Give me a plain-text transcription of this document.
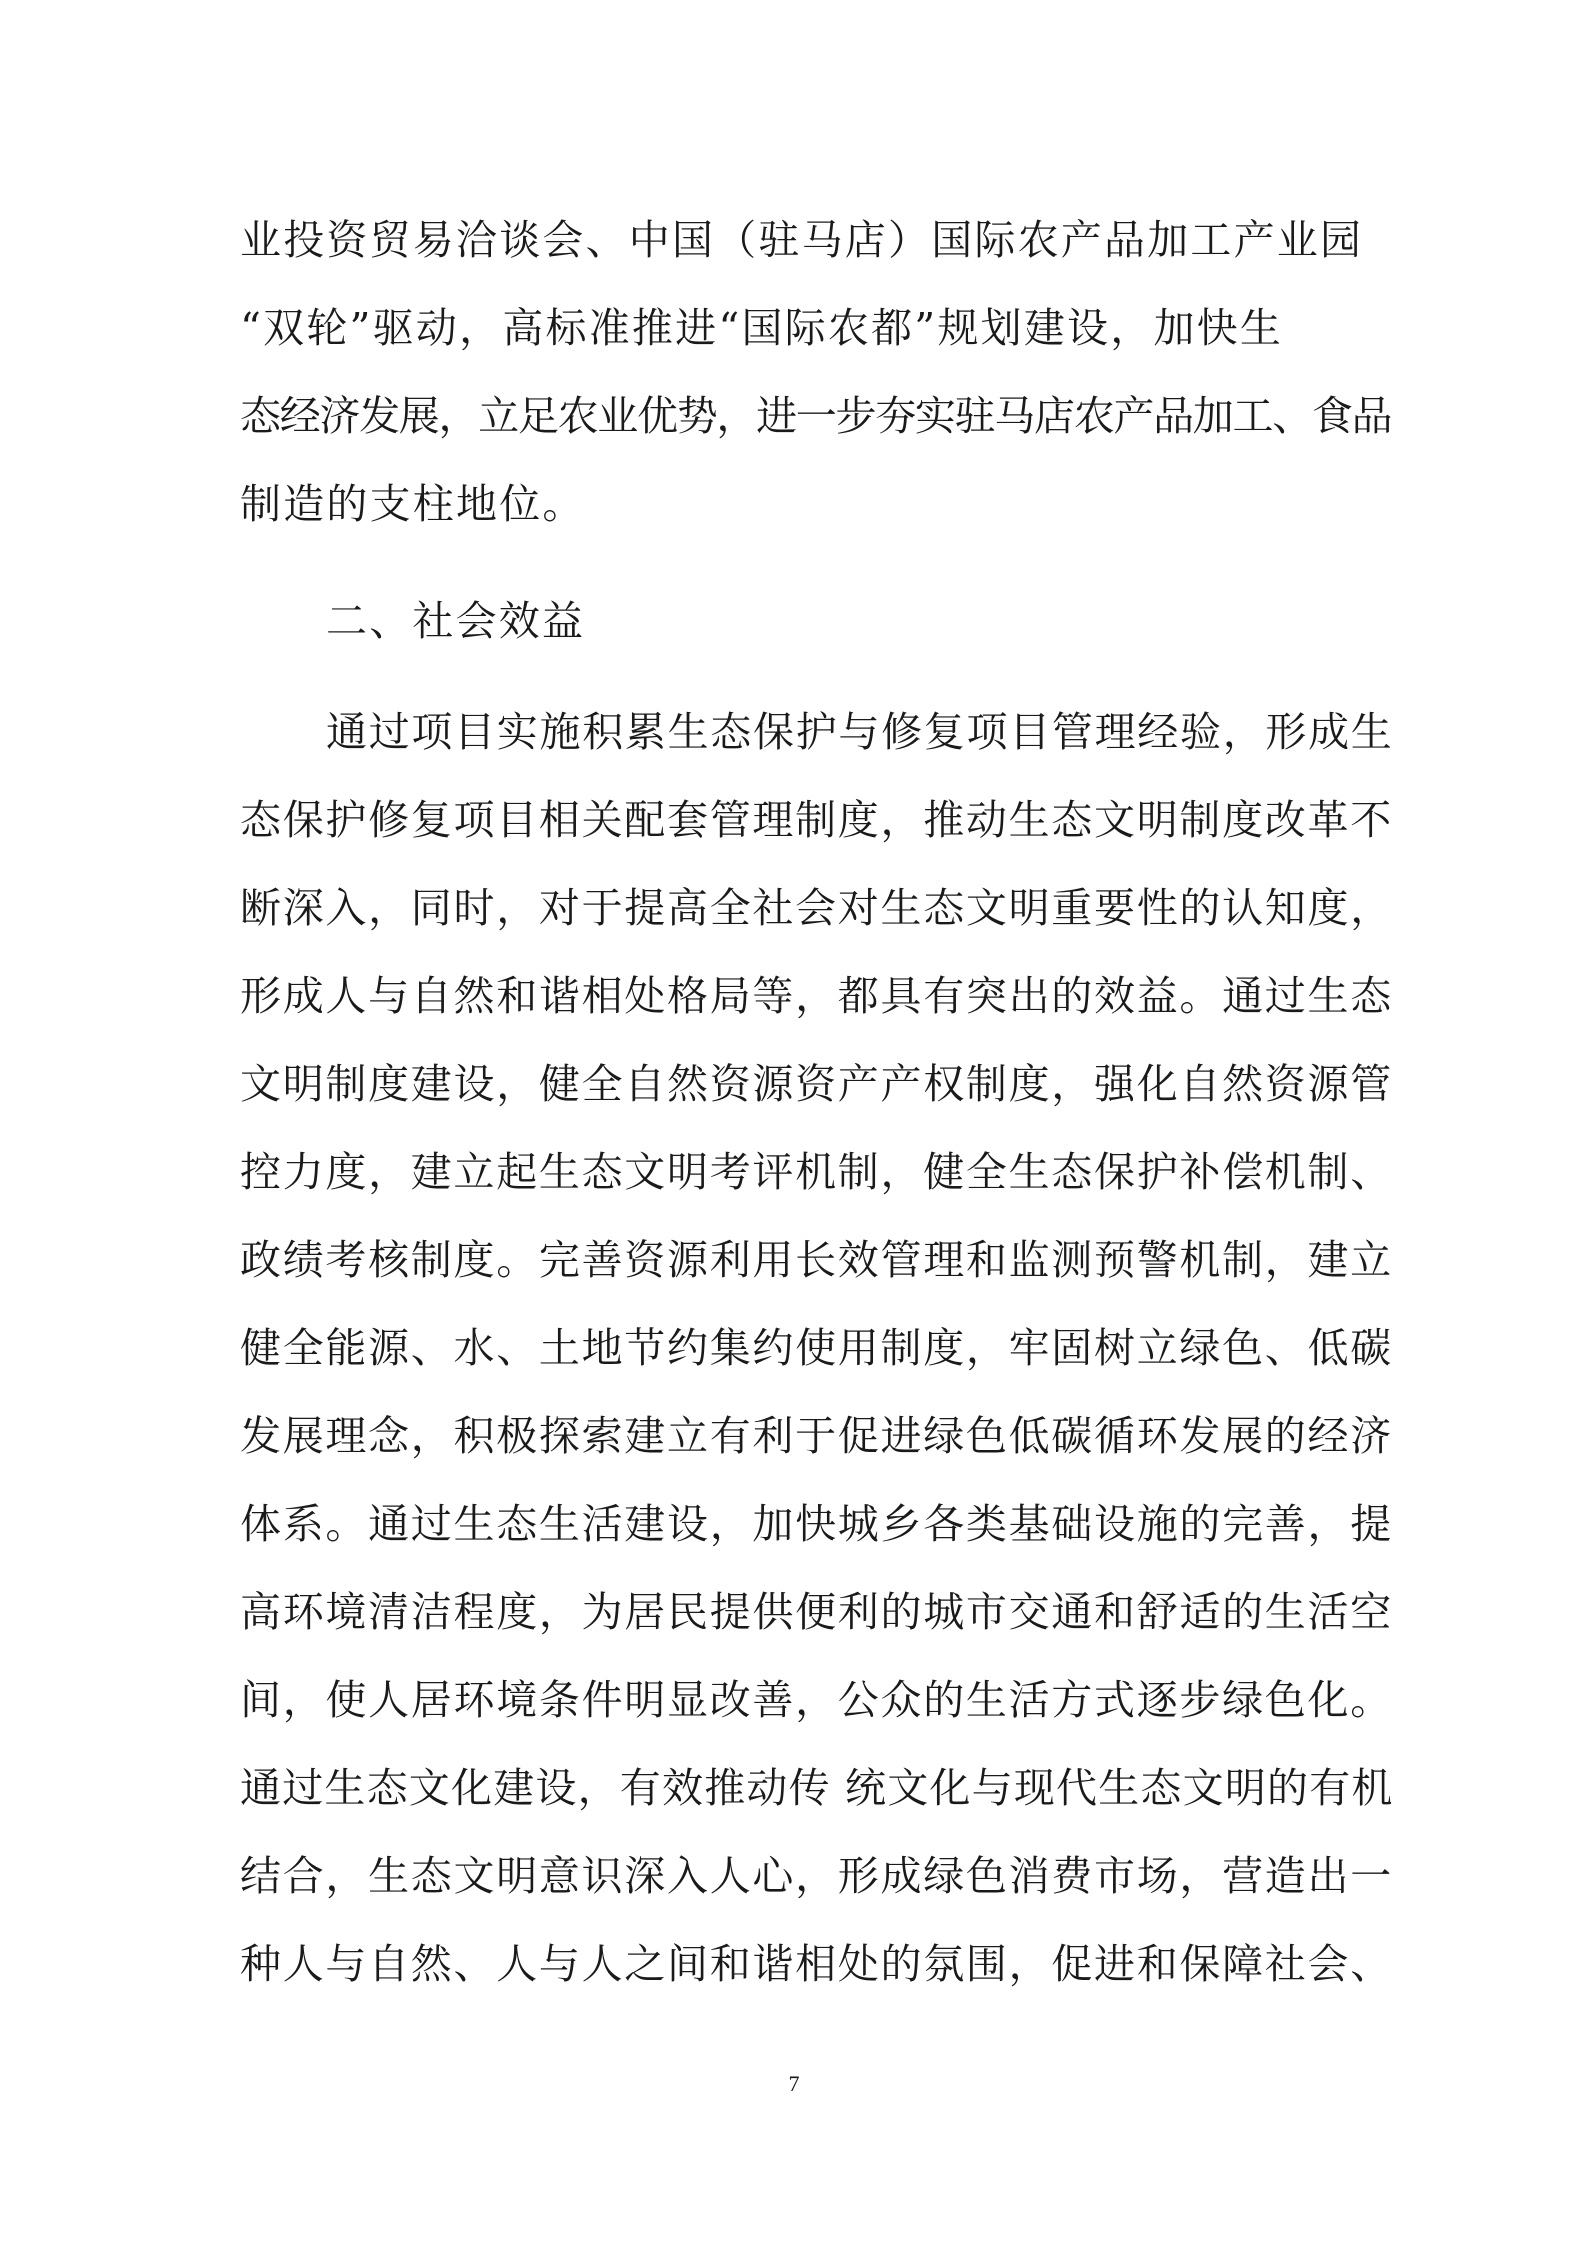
业投资贸易洽谈会、中国（驻马店）国际农产品加工产业园
“双轮”驱动，高标准推进“国际农都”规划建设，加快生
态经济发展，立足农业优势，进一步夯实驻马店农产品加工、食品
制造的支柱地位。
二、社会效益
通过项目实施积累生态保护与修复项目管理经验，形成生
态保护修复项目相关配套管理制度，推动生态文明制度改革不
断深入，同时，对于提高全社会对生态文明重要性的认知度，
形成人与自然和谐相处格局等，都具有突出的效益。通过生态
文明制度建设，健全自然资源资产产权制度，强化自然资源管
控力度，建立起生态文明考评机制，健全生态保护补偿机制、
政绩考核制度。完善资源利用长效管理和监测预警机制，建立
健全能源、水、土地节约集约使用制度，牢固树立绿色、低碳
发展理念，积极探索建立有利于促进绿色低碳循环发展的经济
体系。通过生态生活建设，加快城乡各类基础设施的完善，提
高环境清洁程度，为居民提供便利的城市交通和舒适的生活空
间，使人居环境条件明显改善，公众的生活方式逐步绿色化。
通过生态文化建设，有效推动传 统文化与现代生态文明的有机
结合，生态文明意识深入人心，形成绿色消费市场，营造出一
种人与自然、人与人之间和谐相处的氛围，促进和保障社会、
7
